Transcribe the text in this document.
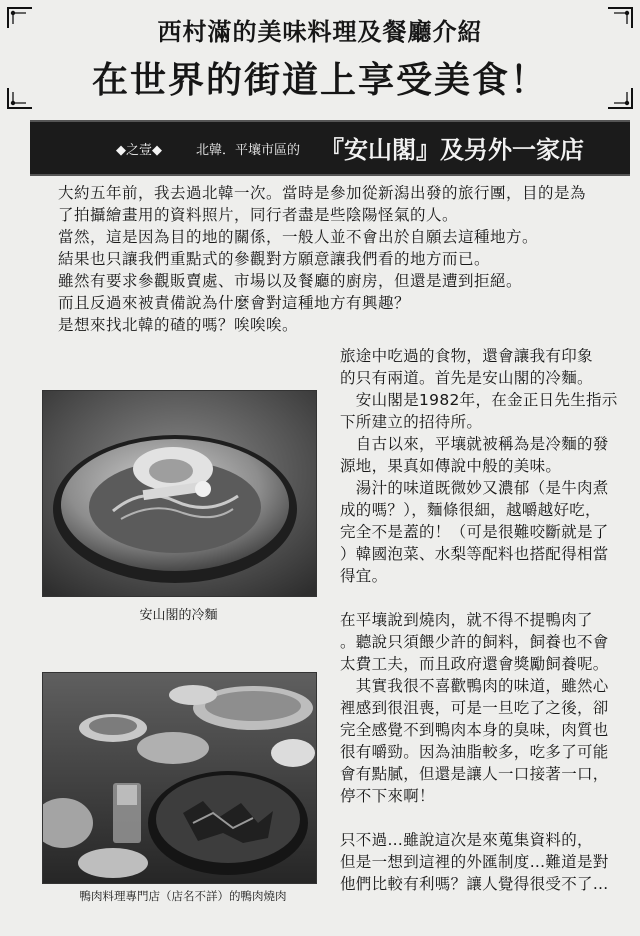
西村滿的美味料理及餐廳介紹
在世界的街道上享受美食！
◆之壹◆	北韓．平壤市區的 『安山閣』及另外一家店

大約五年前，我去過北韓一次。當時是參加從新潟出發的旅行團，目的是為

了拍攝繪畫用的資料照片，同行者盡是些陰陽怪氣的人。

當然，這是因為目的地的關係，一般人並不會出於自願去這種地方。

結果也只讓我們重點式的參觀對方願意讓我們看的地方而已。

雖然有要求參觀販賣處、市場以及餐廳的廚房，但還是遭到拒絕。

而且反過來被責備說為什麼會對這種地方有興趣？

是想來找北韓的碴的嗎？唉唉唉。

旅途中吃過的食物，還會讓我有印象

的只有兩道。首先是安山閣的冷麵。

　安山閣是1982年，在金正日先生指示

下所建立的招待所。

　自古以來，平壤就被稱為是冷麵的發

源地，果真如傳說中般的美味。

　湯汁的味道既微妙又濃郁（是牛肉煮

成的嗎？），麵條很細，越嚼越好吃，

完全不是蓋的！（可是很難咬斷就是了

）韓國泡菜、水梨等配料也搭配得相當

得宜。

在平壤說到燒肉，就不得不提鴨肉了

。聽說只須餵少許的飼料，飼養也不會

太費工夫，而且政府還會獎勵飼養呢。

　其實我很不喜歡鴨肉的味道，雖然心

裡感到很沮喪，可是一旦吃了之後，卻

完全感覺不到鴨肉本身的臭味，肉質也

很有嚼勁。因為油脂較多，吃多了可能

會有點膩，但還是讓人一口接著一口，

停不下來啊！

只不過…雖說這次是來蒐集資料的，

但是一想到這裡的外匯制度…難道是對

他們比較有利嗎？讓人覺得很受不了…

安山閣的冷麵
鴨肉料理專門店（店名不詳）的鴨肉燒肉
